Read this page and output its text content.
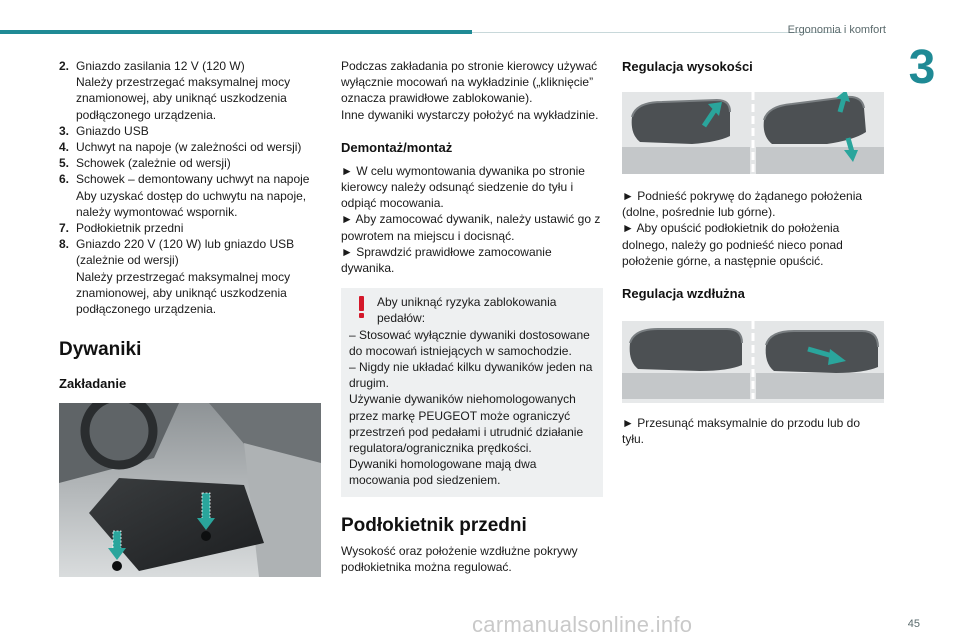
Ergonomia i komfort
3
2. Gniazdo zasilania 12 V (120 W)
Należy przestrzegać maksymalnej mocy
znamionowej, aby uniknąć uszkodzenia
podłączonego urządzenia.
3. Gniazdo USB
4. Uchwyt na napoje (w zależności od wersji)
5. Schowek (zależnie od wersji)
6. Schowek – demontowany uchwyt na napoje
Aby uzyskać dostęp do uchwytu na napoje,
należy wymontować wspornik.
7. Podłokietnik przedni
8. Gniazdo 220 V (120 W) lub gniazdo USB
(zależnie od wersji)
Należy przestrzegać maksymalnej mocy
znamionowej, aby uniknąć uszkodzenia
podłączonego urządzenia.
Dywaniki
Zakładanie
Podczas zakładania po stronie kierowcy używać
wyłącznie mocowań na wykładzinie („kliknięcie”
oznacza prawidłowe zablokowanie).
Inne dywaniki wystarczy położyć na wykładzinie.
Demontaż/montaż
► W celu wymontowania dywanika po stronie
kierowcy należy odsunąć siedzenie do tyłu i
odpiąć mocowania.
► Aby zamocować dywanik, należy ustawić go z
powrotem na miejscu i docisnąć.
► Sprawdzić prawidłowe zamocowanie
dywanika.
Aby uniknąć ryzyka zablokowania
pedałów:
– Stosować wyłącznie dywaniki dostosowane
do mocowań istniejących w samochodzie.
– Nigdy nie układać kilku dywaników jeden na
drugim.
Używanie dywaników niehomologowanych
przez markę PEUGEOT może ograniczyć
przestrzeń pod pedałami i utrudnić działanie
regulatora/ogranicznika prędkości.
Dywaniki homologowane mają dwa
mocowania pod siedzeniem.
Podłokietnik przedni
Wysokość oraz położenie wzdłużne pokrywy
podłokietnika można regulować.
Regulacja wysokości
► Podnieść pokrywę do żądanego położenia
(dolne, pośrednie lub górne).
► Aby opuścić podłokietnik do położenia
dolnego, należy go podnieść nieco ponad
położenie górne, a następnie opuścić.
Regulacja wzdłużna
► Przesunąć maksymalnie do przodu lub do tyłu.
45
carmanualsonline.info
